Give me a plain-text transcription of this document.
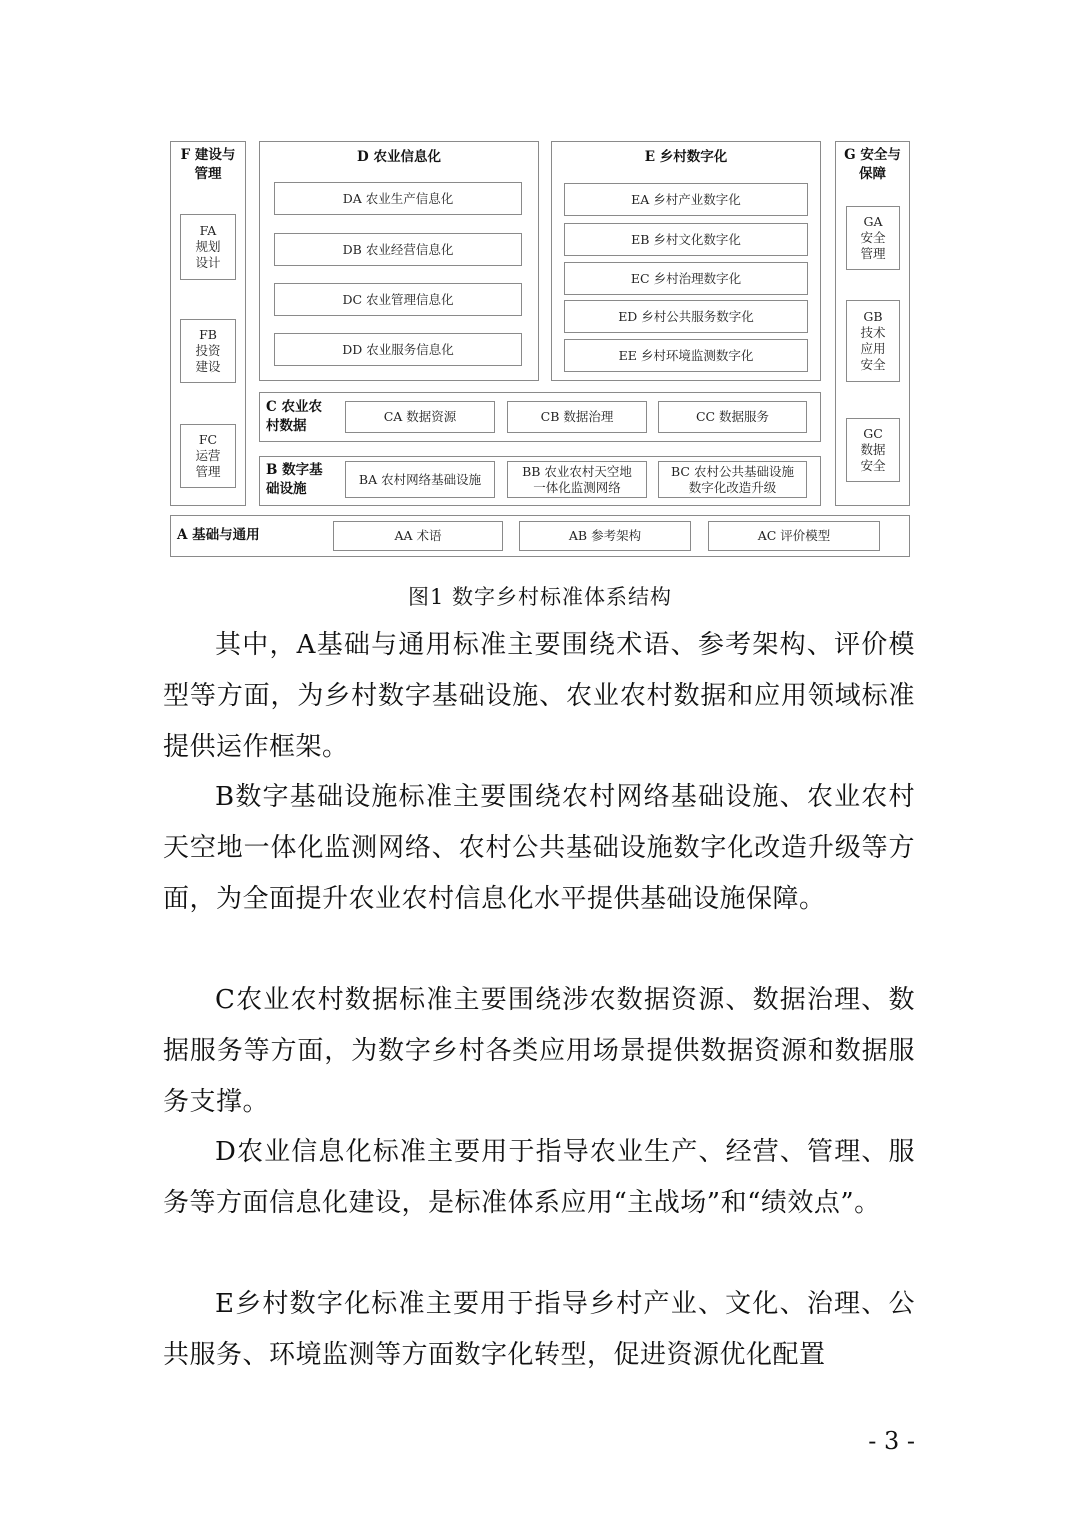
F 建设与
管理
FA
规划
设计
FB
投资
建设
FC
运营
管理
D 农业信息化
DA 农业生产信息化
DB 农业经营信息化
DC 农业管理信息化
DD 农业服务信息化
E 乡村数字化
EA 乡村产业数字化
EB 乡村文化数字化
EC 乡村治理数字化
ED 乡村公共服务数字化
EE 乡村环境监测数字化
G 安全与
保障
GA
安全
管理
GB
技术
应用
安全
GC
数据
安全
C 农业农
村数据
CA 数据资源	CB 数据治理	CC 数据服务
B 数字基
础设施
BA 农村网络基础设施
BB 农业农村天空地
一体化监测网络
BC 农村公共基础设施
数字化改造升级
A 基础与通用	AA 术语	AB 参考架构	AC 评价模型
图1 数字乡村标准体系结构

其中，A基础与通用标准主要围绕术语、参考架构、评价模型等方面，为乡村数字基础设施、农业农村数据和应用领域标准提供运作框架。

B数字基础设施标准主要围绕农村网络基础设施、农业农村天空地一体化监测网络、农村公共基础设施数字化改造升级等方面，为全面提升农业农村信息化水平提供基础设施保障。

C农业农村数据标准主要围绕涉农数据资源、数据治理、数据服务等方面，为数字乡村各类应用场景提供数据资源和数据服务支撑。

D农业信息化标准主要用于指导农业生产、经营、管理、服务等方面信息化建设，是标准体系应用“主战场”和“绩效点”。

E乡村数字化标准主要用于指导乡村产业、文化、治理、公共服务、环境监测等方面数字化转型，促进资源优化配置

- 3 -
